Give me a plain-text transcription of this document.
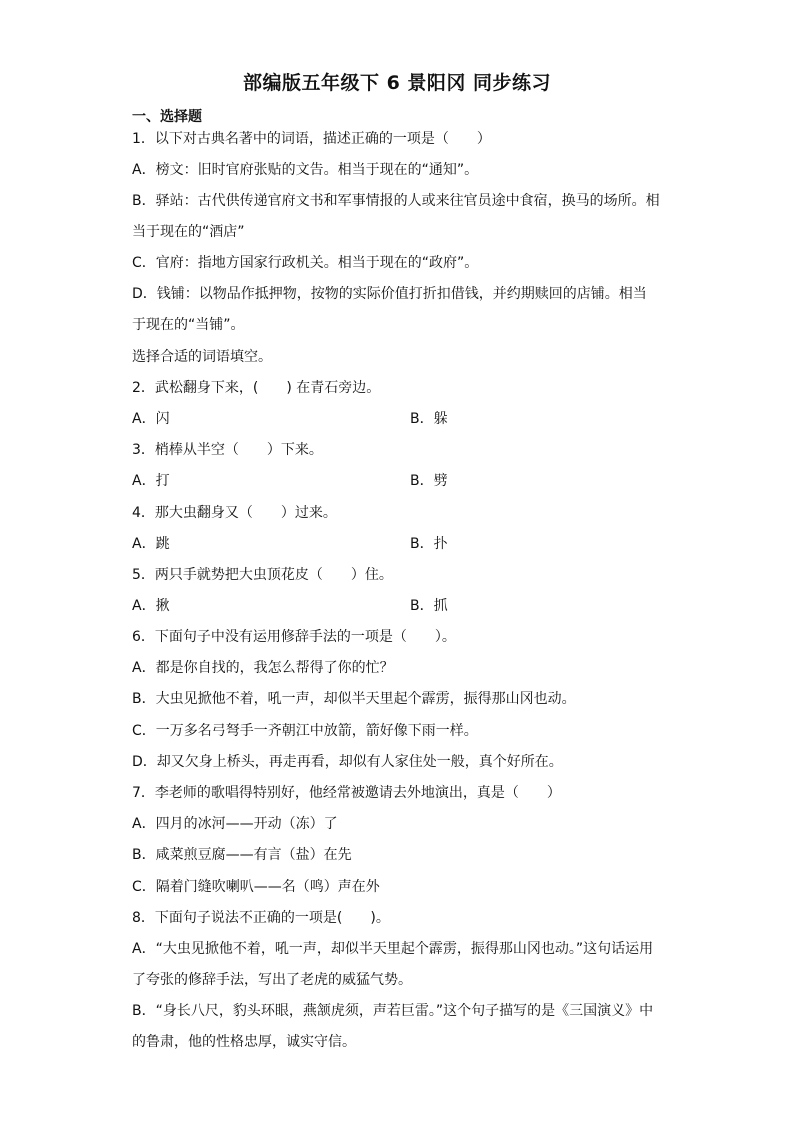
部编版五年级下 6 景阳冈 同步练习
一、选择题
1．以下对古典名著中的词语，描述正确的一项是（　　）
A．榜文：旧时官府张贴的文告。相当于现在的“通知”。
B．驿站：古代供传递官府文书和军事情报的人或来往官员途中食宿，换马的场所。相
当于现在的“酒店”
C．官府：指地方国家行政机关。相当于现在的“政府”。
D．钱铺：以物品作抵押物，按物的实际价值打折扣借钱，并约期赎回的店铺。相当
于现在的“当铺”。
选择合适的词语填空。
2．武松翻身下来，(　　) 在青石旁边。
A．闪	B．躲
3．梢棒从半空（　　）下来。
A．打	B．劈
4．那大虫翻身又（　　）过来。
A．跳	B．扑
5．两只手就势把大虫顶花皮（　　）住。
A．揪	B．抓
6．下面句子中没有运用修辞手法的一项是（　　）。
A．都是你自找的，我怎么帮得了你的忙？
B．大虫见掀他不着，吼一声，却似半天里起个霹雳，振得那山冈也动。
C．一万多名弓弩手一齐朝江中放箭，箭好像下雨一样。
D．却又欠身上桥头，再走再看，却似有人家住处一般，真个好所在。
7．李老师的歌唱得特别好，他经常被邀请去外地演出，真是（　　）
A．四月的冰河——开动（冻）了
B．咸菜煎豆腐——有言（盐）在先
C．隔着门缝吹喇叭——名（鸣）声在外
8．下面句子说法不正确的一项是(　　)。
A．“大虫见掀他不着，吼一声，却似半天里起个霹雳，振得那山冈也动。”这句话运用
了夸张的修辞手法，写出了老虎的威猛气势。
B．“身长八尺，豹头环眼，燕颔虎须，声若巨雷。”这个句子描写的是《三国演义》中
的鲁肃，他的性格忠厚，诚实守信。
